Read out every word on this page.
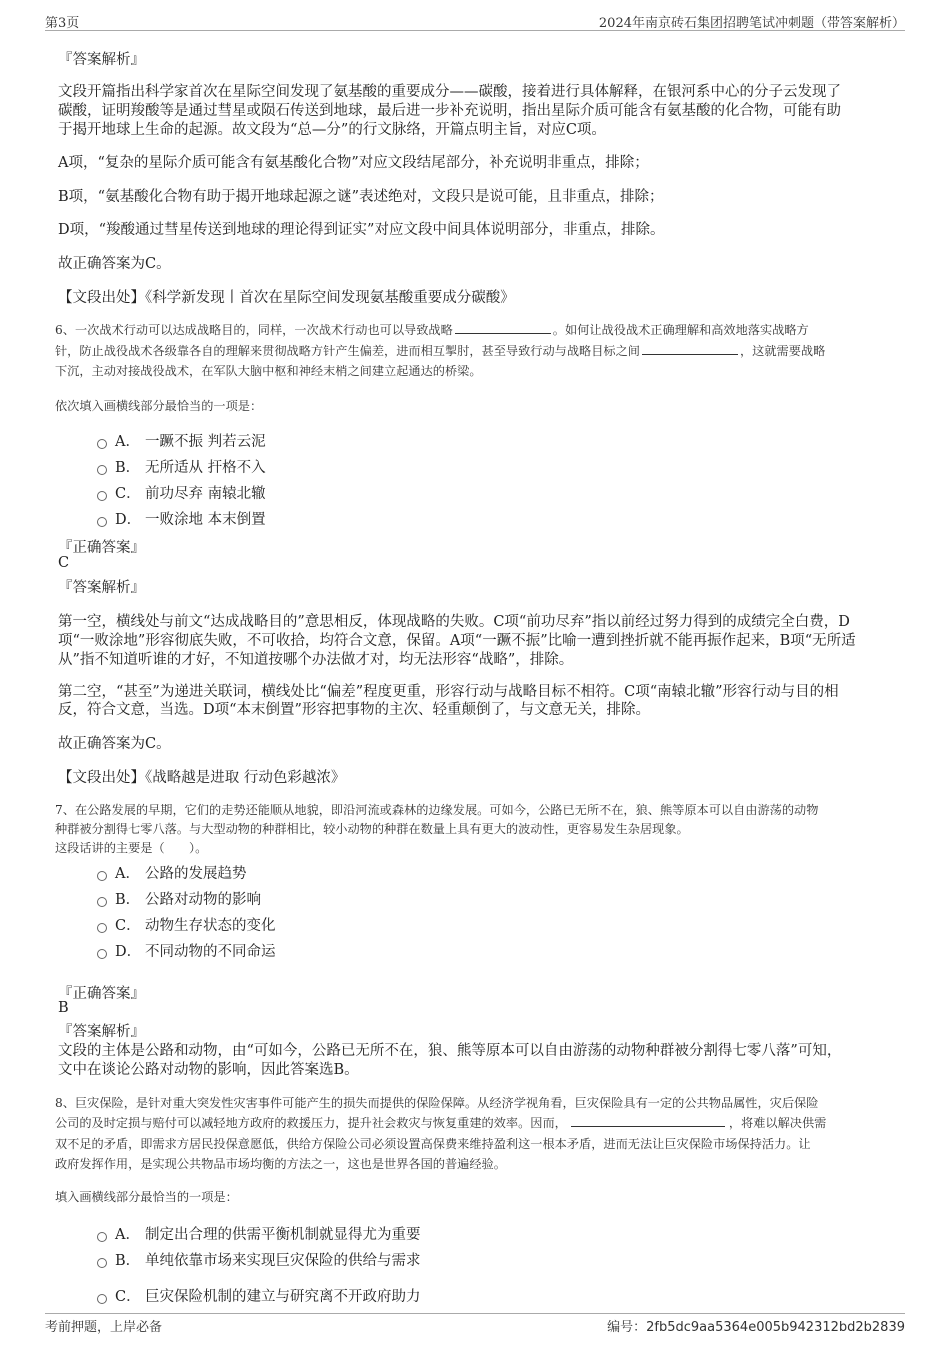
第3页	2024年南京砖石集团招聘笔试冲刺题（带答案解析）
『答案解析』
文段开篇指出科学家首次在星际空间发现了氨基酸的重要成分——碳酸，接着进行具体解释，在银河系中心的分子云发现了
碳酸，证明羧酸等是通过彗星或陨石传送到地球，最后进一步补充说明，指出星际介质可能含有氨基酸的化合物，可能有助
于揭开地球上生命的起源。故文段为“总—分”的行文脉络，开篇点明主旨，对应C项。
A项，“复杂的星际介质可能含有氨基酸化合物”对应文段结尾部分，补充说明非重点，排除；
B项，“氨基酸化合物有助于揭开地球起源之谜”表述绝对，文段只是说可能，且非重点，排除；
D项，“羧酸通过彗星传送到地球的理论得到证实”对应文段中间具体说明部分，非重点，排除。
故正确答案为C。
【文段出处】《科学新发现丨首次在星际空间发现氨基酸重要成分碳酸》
6、一次战术行动可以达成战略目的，同样，一次战术行动也可以导致战略	。如何让战役战术正确理解和高效地落实战略方
针，防止战役战术各级靠各自的理解来贯彻战略方针产生偏差，进而相互掣肘，甚至导致行动与战略目标之间	，这就需要战略
下沉，主动对接战役战术，在军队大脑中枢和神经末梢之间建立起通达的桥梁。
依次填入画横线部分最恰当的一项是：
A． 一蹶不振 判若云泥
B． 无所适从 扞格不入
C． 前功尽弃 南辕北辙
D． 一败涂地 本末倒置
『正确答案』
C
『答案解析』
第一空，横线处与前文“达成战略目的”意思相反，体现战略的失败。C项“前功尽弃”指以前经过努力得到的成绩完全白费，D
项“一败涂地”形容彻底失败，不可收拾，均符合文意，保留。A项“一蹶不振”比喻一遭到挫折就不能再振作起来，B项“无所适
从”指不知道听谁的才好，不知道按哪个办法做才对，均无法形容“战略”，排除。
第二空，“甚至”为递进关联词，横线处比“偏差”程度更重，形容行动与战略目标不相符。C项“南辕北辙”形容行动与目的相
反，符合文意，当选。D项“本末倒置”形容把事物的主次、轻重颠倒了，与文意无关，排除。
故正确答案为C。
【文段出处】《战略越是进取 行动色彩越浓》
7、在公路发展的早期，它们的走势还能顺从地貌，即沿河流或森林的边缘发展。可如今，公路已无所不在，狼、熊等原本可以自由游荡的动物
种群被分割得七零八落。与大型动物的种群相比，较小动物的种群在数量上具有更大的波动性，更容易发生杂居现象。
这段话讲的主要是（　　）。
A． 公路的发展趋势
B． 公路对动物的影响
C． 动物生存状态的变化
D． 不同动物的不同命运
『正确答案』
B
『答案解析』
文段的主体是公路和动物，由“可如今，公路已无所不在，狼、熊等原本可以自由游荡的动物种群被分割得七零八落”可知，
文中在谈论公路对动物的影响，因此答案选B。
8、巨灾保险，是针对重大突发性灾害事件可能产生的损失而提供的保险保障。从经济学视角看，巨灾保险具有一定的公共物品属性，灾后保险
公司的及时定损与赔付可以减轻地方政府的救援压力，提升社会救灾与恢复重建的效率。因而，	，将难以解决供需
双不足的矛盾，即需求方居民投保意愿低，供给方保险公司必须设置高保费来维持盈利这一根本矛盾，进而无法让巨灾保险市场保持活力。让
政府发挥作用，是实现公共物品市场均衡的方法之一，这也是世界各国的普遍经验。
填入画横线部分最恰当的一项是：
A． 制定出合理的供需平衡机制就显得尤为重要
B． 单纯依靠市场来实现巨灾保险的供给与需求
C． 巨灾保险机制的建立与研究离不开政府助力
考前押题，上岸必备	编号：2fb5dc9aa5364e005b942312bd2b2839
